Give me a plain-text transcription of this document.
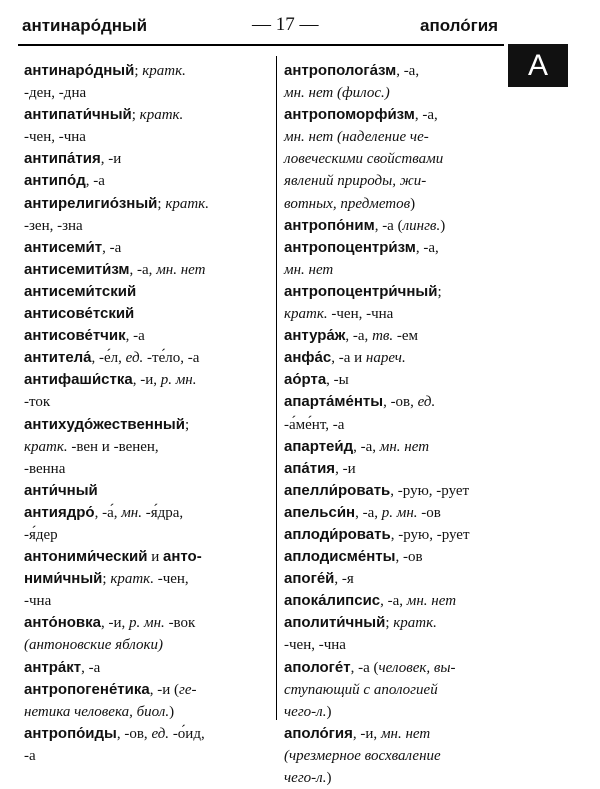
антинаро́дный	— 17 —	аполо́гия
А
антинаро́дный; кратк.
-ден, -дна
антипати́чный; кратк.
-чен, -чна
антипа́тия, -и
антипо́д, -а
антирелигио́зный; кратк.
-зен, -зна
антисеми́т, -а
антисемити́зм, -а, мн. нет
антисеми́тский
антисове́тский
антисове́тчик, -а
антитела́, -е́л, ед. -те́ло, -а
антифаши́стка, -и, р. мн.
-ток
антихудо́жественный;
кратк. -вен и -венен,
-венна
анти́чный
антиядро́, -а́, мн. -я́дра,
-я́дер
антоними́ческий и анто-
ними́чный; кратк. -чен,
-чна
анто́новка, -и, р. мн. -вок
(антоновские яблоки)
антра́кт, -а
антропогене́тика, -и (ге-
нетика человека, биол.)
антропо́иды, -ов, ед. -о́ид,
-а
антрополога́зм, -а,
мн. нет (филос.)
антропоморфи́зм, -а,
мн. нет (наделение че-
ловеческими свойствами
явлений природы, жи-
вотных, предметов)
антропо́ним, -а (лингв.)
антропоцентри́зм, -а,
мн. нет
антропоцентри́чный;
кратк. -чен, -чна
антура́ж, -а, тв. -ем
анфа́с, -а и нареч.
ао́рта, -ы
апарта́ме́нты, -ов, ед.
-а́ме́нт, -а
апартеи́д, -а, мн. нет
апа́тия, -и
апелли́ровать, -рую, -рует
апельси́н, -а, р. мн. -ов
аплоди́ровать, -рую, -рует
аплодисме́нты, -ов
апоге́й, -я
апока́липсис, -а, мн. нет
аполити́чный; кратк.
-чен, -чна
апологе́т, -а (человек, вы-
ступающий с апологией
чего-л.)
аполо́гия, -и, мн. нет
(чрезмерное восхваление
чего-л.)
